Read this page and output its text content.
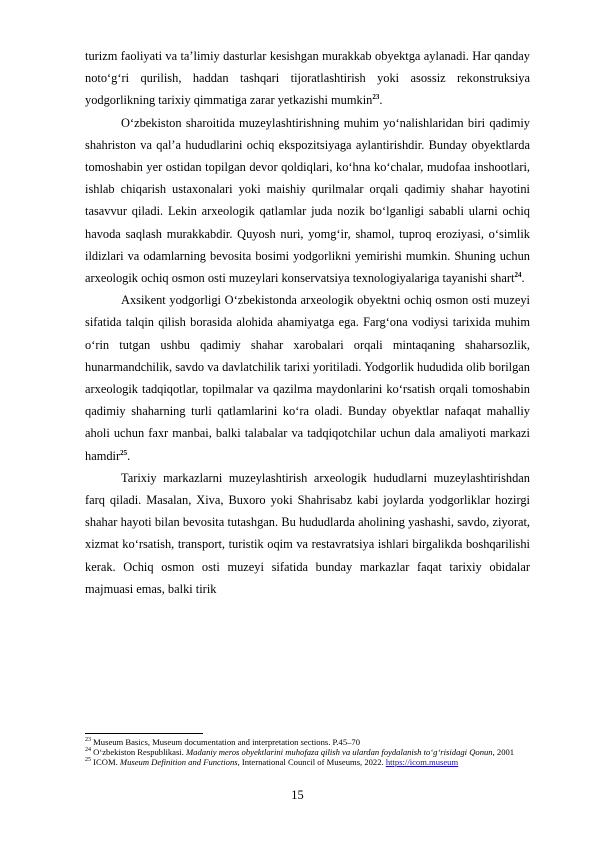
turizm faoliyati va ta’limiy dasturlar kesishgan murakkab obyektga aylanadi. Har qanday noto‘g‘ri qurilish, haddan tashqari tijoratlashtirish yoki asossiz rekonstruksiya yodgorlikning tarixiy qimmatiga zarar yetkazishi mumkin$^{23}$.

O‘zbekiston sharoitida muzeylashtirishning muhim yo‘nalishlaridan biri qadimiy shahriston va qal’a hududlarini ochiq ekspozitsiyaga aylantirishdir. Bunday obyektlarda tomoshabin yer ostidan topilgan devor qoldiqlari, ko‘hna ko‘chalar, mudofaa inshootlari, ishlab chiqarish ustaxonalari yoki maishiy qurilmalar orqali qadimiy shahar hayotini tasavvur qiladi. Lekin arxeologik qatlamlar juda nozik bo‘lganligi sababli ularni ochiq havoda saqlash murakkabdir. Quyosh nuri, yomg‘ir, shamol, tuproq eroziyasi, o‘simlik ildizlari va odamlarning bevosita bosimi yodgorlikni yemirishi mumkin. Shuning uchun arxeologik ochiq osmon osti muzeylari konservatsiya texnologiyalariga tayanishi shart$^{24}$.

Axsikent yodgorligi O‘zbekistonda arxeologik obyektni ochiq osmon osti muzeyi sifatida talqin qilish borasida alohida ahamiyatga ega. Farg‘ona vodiysi tarixida muhim o‘rin tutgan ushbu qadimiy shahar xarobalari orqali mintaqaning shaharsozlik, hunarmandchilik, savdo va davlatchilik tarixi yoritiladi. Yodgorlik hududida olib borilgan arxeologik tadqiqotlar, topilmalar va qazilma maydonlarini ko‘rsatish orqali tomoshabin qadimiy shaharning turli qatlamlarini ko‘ra oladi. Bunday obyektlar nafaqat mahalliy aholi uchun faxr manbai, balki talabalar va tadqiqotchilar uchun dala amaliyoti markazi hamdir$^{25}$.

Tarixiy markazlarni muzeylashtirish arxeologik hududlarni muzeylashtirishdan farq qiladi. Masalan, Xiva, Buxoro yoki Shahrisabz kabi joylarda yodgorliklar hozirgi shahar hayoti bilan bevosita tutashgan. Bu hududlarda aholining yashashi, savdo, ziyorat, xizmat ko‘rsatish, transport, turistik oqim va restavratsiya ishlari birgalikda boshqarilishi kerak. Ochiq osmon osti muzeyi sifatida bunday markazlar faqat tarixiy obidalar majmuasi emas, balki tirik

$^{23}$ Museum Basics, Museum documentation and interpretation sections. P.45–70

$^{24}$ O‘zbekiston Respublikasi. Madaniy meros obyektlarini muhofaza qilish va ulardan foydalanish to‘g‘risidagi Qonun, 2001

$^{25}$ ICOM. Museum Definition and Functions, International Council of Museums, 2022. https://icom.museum

15
